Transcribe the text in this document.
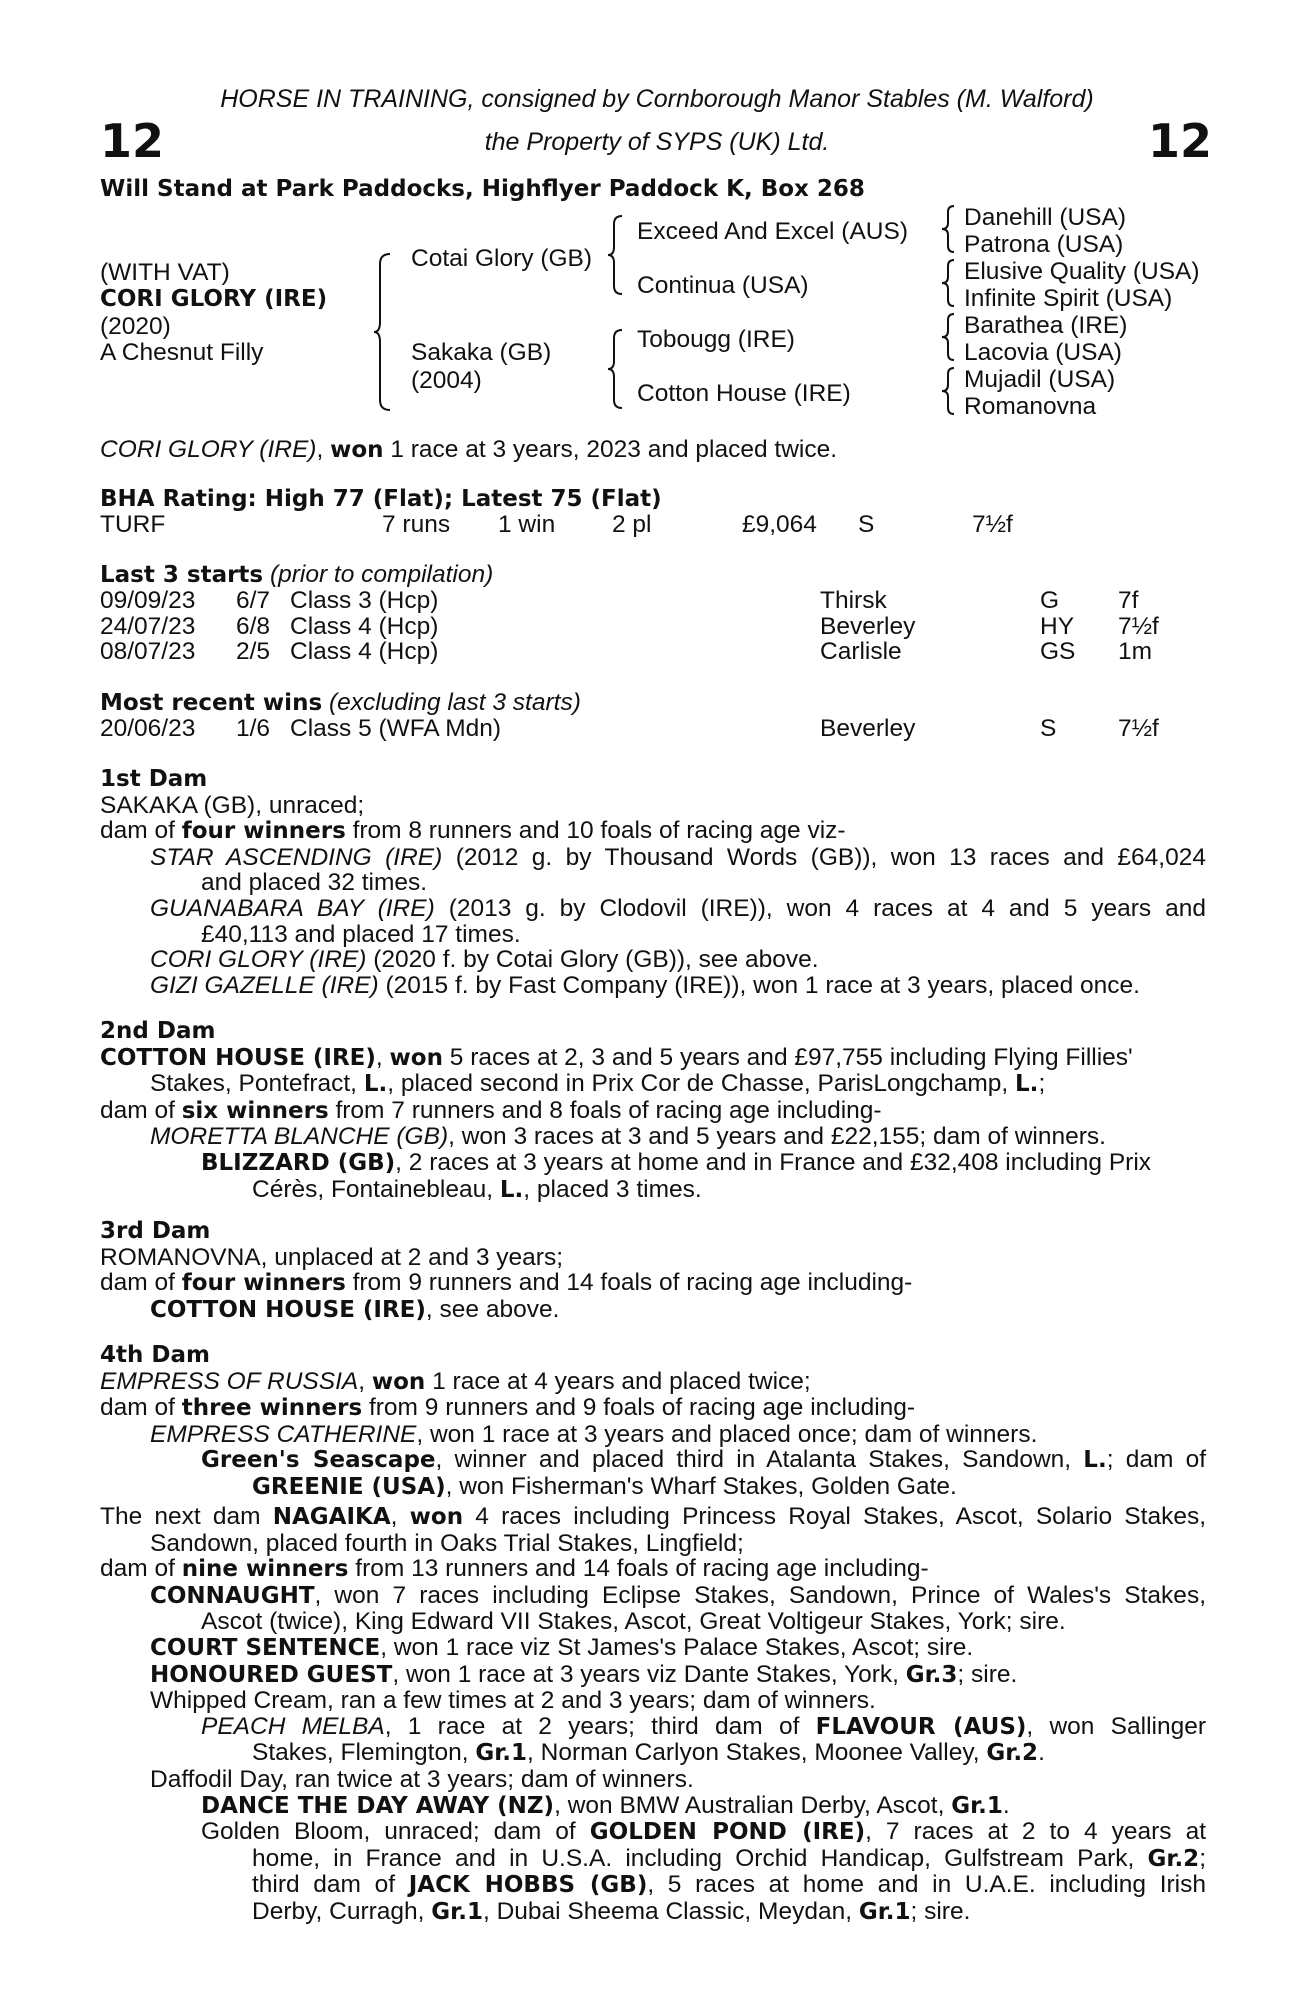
HORSE IN TRAINING, consigned by Cornborough Manor Stables (M. Walford)
the Property of SYPS (UK) Ltd.
12	12
Will Stand at Park Paddocks, Highflyer Paddock K, Box 268
(WITH VAT)
CORI GLORY (IRE)
(2020)
A Chesnut Filly
Cotai Glory (GB)
Sakaka (GB)
(2004)
Exceed And Excel (AUS)
Continua (USA)
Tobougg (IRE)
Cotton House (IRE)
Danehill (USA)
Patrona (USA)
Elusive Quality (USA)
Infinite Spirit (USA)
Barathea (IRE)
Lacovia (USA)
Mujadil (USA)
Romanovna
CORI GLORY (IRE), won 1 race at 3 years, 2023 and placed twice.
BHA Rating: High 77 (Flat); Latest 75 (Flat)
TURF	7 runs 1 win 2 pl	£9,064 S	7½f
Last 3 starts (prior to compilation)
09/09/23 6/7 Class 3 (Hcp)	Thirsk	G 7f
24/07/23 6/8 Class 4 (Hcp)	Beverley	HY 7½f
08/07/23 2/5 Class 4 (Hcp)	Carlisle	GS 1m
Most recent wins (excluding last 3 starts)
20/06/23 1/6 Class 5 (WFA Mdn)	Beverley	S	7½f

1st Dam

SAKAKA (GB), unraced;

dam of four winners from 8 runners and 10 foals of racing age viz-

STAR ASCENDING (IRE) (2012 g. by Thousand Words (GB)), won 13 races and £64,024

and placed 32 times.

GUANABARA BAY (IRE) (2013 g. by Clodovil (IRE)), won 4 races at 4 and 5 years and

£40,113 and placed 17 times.

CORI GLORY (IRE) (2020 f. by Cotai Glory (GB)), see above.

GIZI GAZELLE (IRE) (2015 f. by Fast Company (IRE)), won 1 race at 3 years, placed once.

2nd Dam

COTTON HOUSE (IRE), won 5 races at 2, 3 and 5 years and £97,755 including Flying Fillies'

Stakes, Pontefract, L., placed second in Prix Cor de Chasse, ParisLongchamp, L.;

dam of six winners from 7 runners and 8 foals of racing age including-

MORETTA BLANCHE (GB), won 3 races at 3 and 5 years and £22,155; dam of winners.

BLIZZARD (GB), 2 races at 3 years at home and in France and £32,408 including Prix

Cérès, Fontainebleau, L., placed 3 times.

3rd Dam

ROMANOVNA, unplaced at 2 and 3 years;

dam of four winners from 9 runners and 14 foals of racing age including-

COTTON HOUSE (IRE), see above.

4th Dam

EMPRESS OF RUSSIA, won 1 race at 4 years and placed twice;

dam of three winners from 9 runners and 9 foals of racing age including-

EMPRESS CATHERINE, won 1 race at 3 years and placed once; dam of winners.

Green's Seascape, winner and placed third in Atalanta Stakes, Sandown, L.; dam of

GREENIE (USA), won Fisherman's Wharf Stakes, Golden Gate.

The next dam NAGAIKA, won 4 races including Princess Royal Stakes, Ascot, Solario Stakes,

Sandown, placed fourth in Oaks Trial Stakes, Lingfield;

dam of nine winners from 13 runners and 14 foals of racing age including-

CONNAUGHT, won 7 races including Eclipse Stakes, Sandown, Prince of Wales's Stakes,

Ascot (twice), King Edward VII Stakes, Ascot, Great Voltigeur Stakes, York; sire.

COURT SENTENCE, won 1 race viz St James's Palace Stakes, Ascot; sire.

HONOURED GUEST, won 1 race at 3 years viz Dante Stakes, York, Gr.3; sire.

Whipped Cream, ran a few times at 2 and 3 years; dam of winners.

PEACH MELBA, 1 race at 2 years; third dam of FLAVOUR (AUS), won Sallinger

Stakes, Flemington, Gr.1, Norman Carlyon Stakes, Moonee Valley, Gr.2.

Daffodil Day, ran twice at 3 years; dam of winners.

DANCE THE DAY AWAY (NZ), won BMW Australian Derby, Ascot, Gr.1.

Golden Bloom, unraced; dam of GOLDEN POND (IRE), 7 races at 2 to 4 years at

home, in France and in U.S.A. including Orchid Handicap, Gulfstream Park, Gr.2;

third dam of JACK HOBBS (GB), 5 races at home and in U.A.E. including Irish

Derby, Curragh, Gr.1, Dubai Sheema Classic, Meydan, Gr.1; sire.
